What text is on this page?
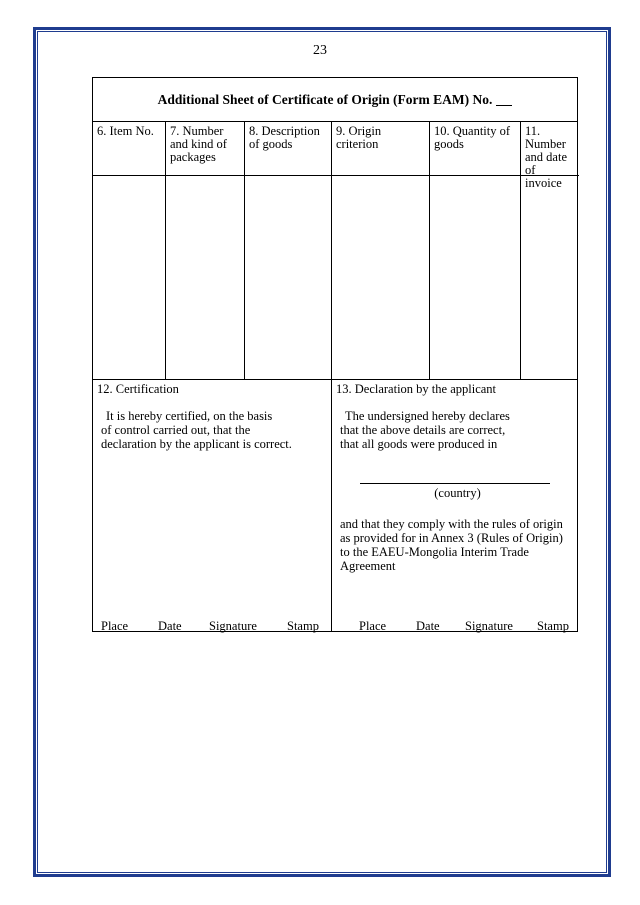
23
Additional Sheet of Certificate of Origin (Form EAM) No.
6. Item No.	7. Number and kind of packages
8. Description of goods
9. Origin criterion
10. Quantity of goods
11. Number and date of invoice
12. Certification
It is hereby certified, on the basis
of control carried out, that the
declaration by the applicant is correct.
Place Date Signature Stamp
13. Declaration by the applicant
The undersigned hereby declares
that the above details are correct,
that all goods were produced in
(country)
and that they comply with the rules of origin
as provided for in Annex 3 (Rules of Origin)
to the EAEU-Mongolia Interim Trade
Agreement
Place Date Signature Stamp
